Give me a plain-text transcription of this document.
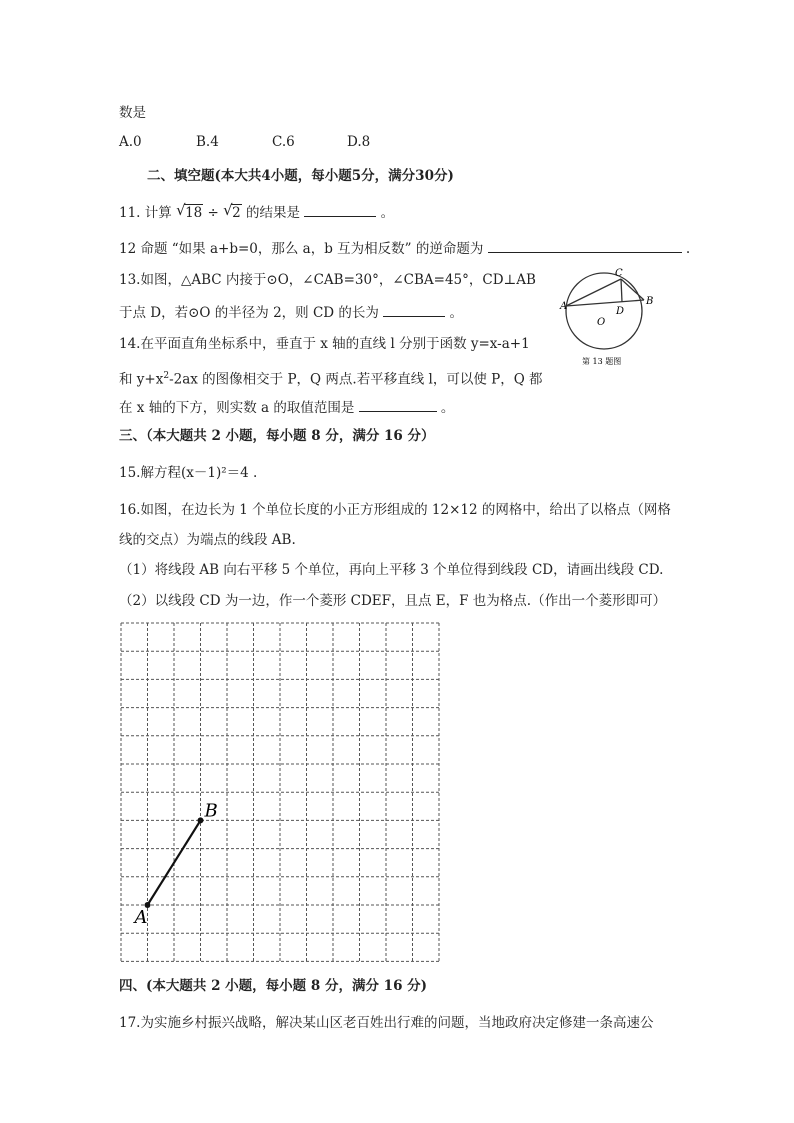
数是
A.0	B.4	C.6	D.8
二、填空题(本大共4小题，每小题5分，满分30分)
11. 计算 √ 18 ÷ √ 2 的结果是	。
12 命题 “如果 a+b=0，那么 a，b 互为相反数” 的逆命题为	.
13.如图，△ABC 内接于⊙O，∠CAB=30°，∠CBA=45°，CD⊥AB
于点 D，若⊙O 的半径为 2，则 CD 的长为	。	A	B
C
D
O
第 13 题图
14.在平面直角坐标系中，垂直于 x 轴的直线 l 分别于函数 y=x-a+1
和 $y+x^2-2ax$ 的图像相交于 P，Q 两点.若平移直线 l，可以使 P，Q 都
在 x 轴的下方，则实数 a 的取值范围是	。
三、（本大题共 2 小题，每小题 8 分，满分 16 分）
15.解方程(x－1)²＝4 .
16.如图，在边长为 1 个单位长度的小正方形组成的 12×12 的网格中，给出了以格点（网格
线的交点）为端点的线段 AB.
（1）将线段 AB 向右平移 5 个单位，再向上平移 3 个单位得到线段 CD，请画出线段 CD.
（2）以线段 CD 为一边，作一个菱形 CDEF，且点 E，F 也为格点.（作出一个菱形即可）
A
B
四、(本大题共 2 小题，每小题 8 分，满分 16 分)
17.为实施乡村振兴战略，解决某山区老百姓出行难的问题，当地政府决定修建一条高速公
